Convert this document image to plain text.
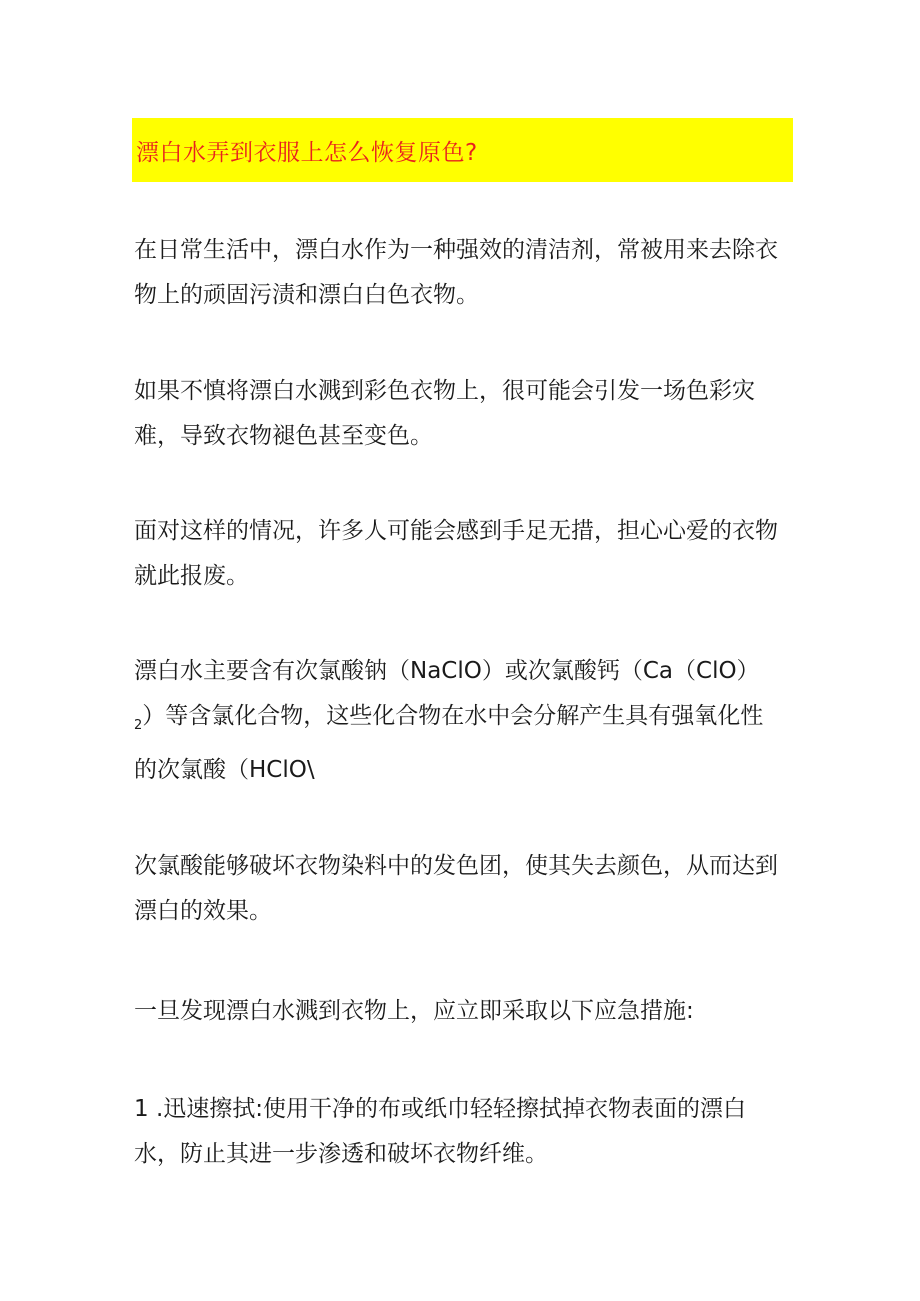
漂白水弄到衣服上怎么恢复原色?

在日常生活中，漂白水作为一种强效的清洁剂，常被用来去除衣
物上的顽固污渍和漂白白色衣物。

如果不慎将漂白水溅到彩色衣物上，很可能会引发一场色彩灾
难，导致衣物褪色甚至变色。

面对这样的情况，许多人可能会感到手足无措，担心心爱的衣物
就此报废。

漂白水主要含有次氯酸钠（NaClO）或次氯酸钙（Ca（ClO）
$_2$）等含氯化合物，这些化合物在水中会分解产生具有强氧化性
的次氯酸（HClO\

次氯酸能够破坏衣物染料中的发色团，使其失去颜色，从而达到
漂白的效果。

一旦发现漂白水溅到衣物上，应立即采取以下应急措施:

1 .迅速擦拭:使用干净的布或纸巾轻轻擦拭掉衣物表面的漂白
水，防止其进一步渗透和破坏衣物纤维。
